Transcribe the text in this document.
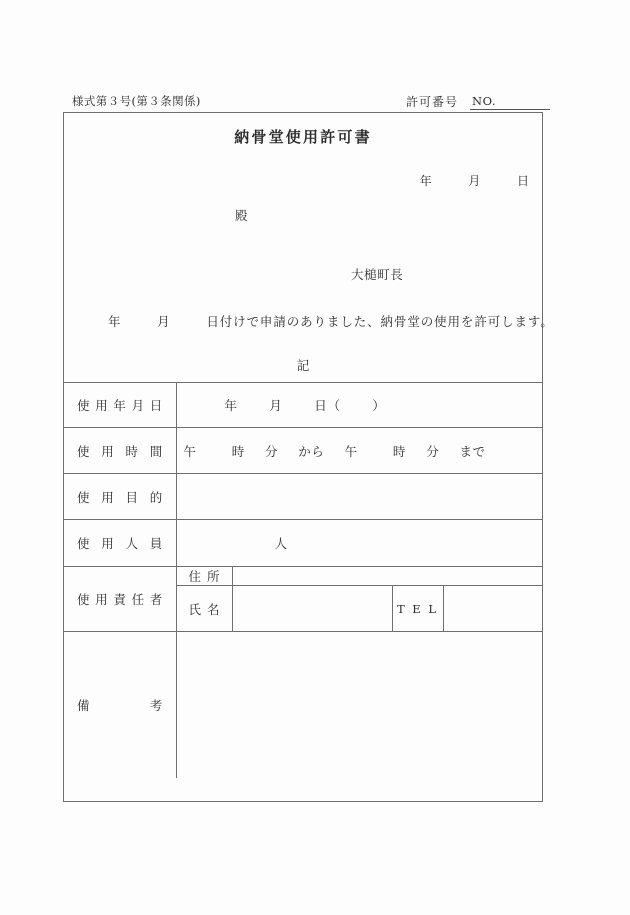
様式第３号(第３条関係)	許可番号 NO.
納骨堂使用許可書
年	月	日
殿
大槌町長
年	月	日付けで申請のありました、納骨堂の使用を許可します。
記
使 用 年 月 日	年 月 日（ ）			

使 用 時 間	午 時 分 から 午 時 分 まで			

使 用 目 的				

使 用 人 員	人			

使 用 責 任 者	住 所			

	氏 名		T E L	

備 考				
